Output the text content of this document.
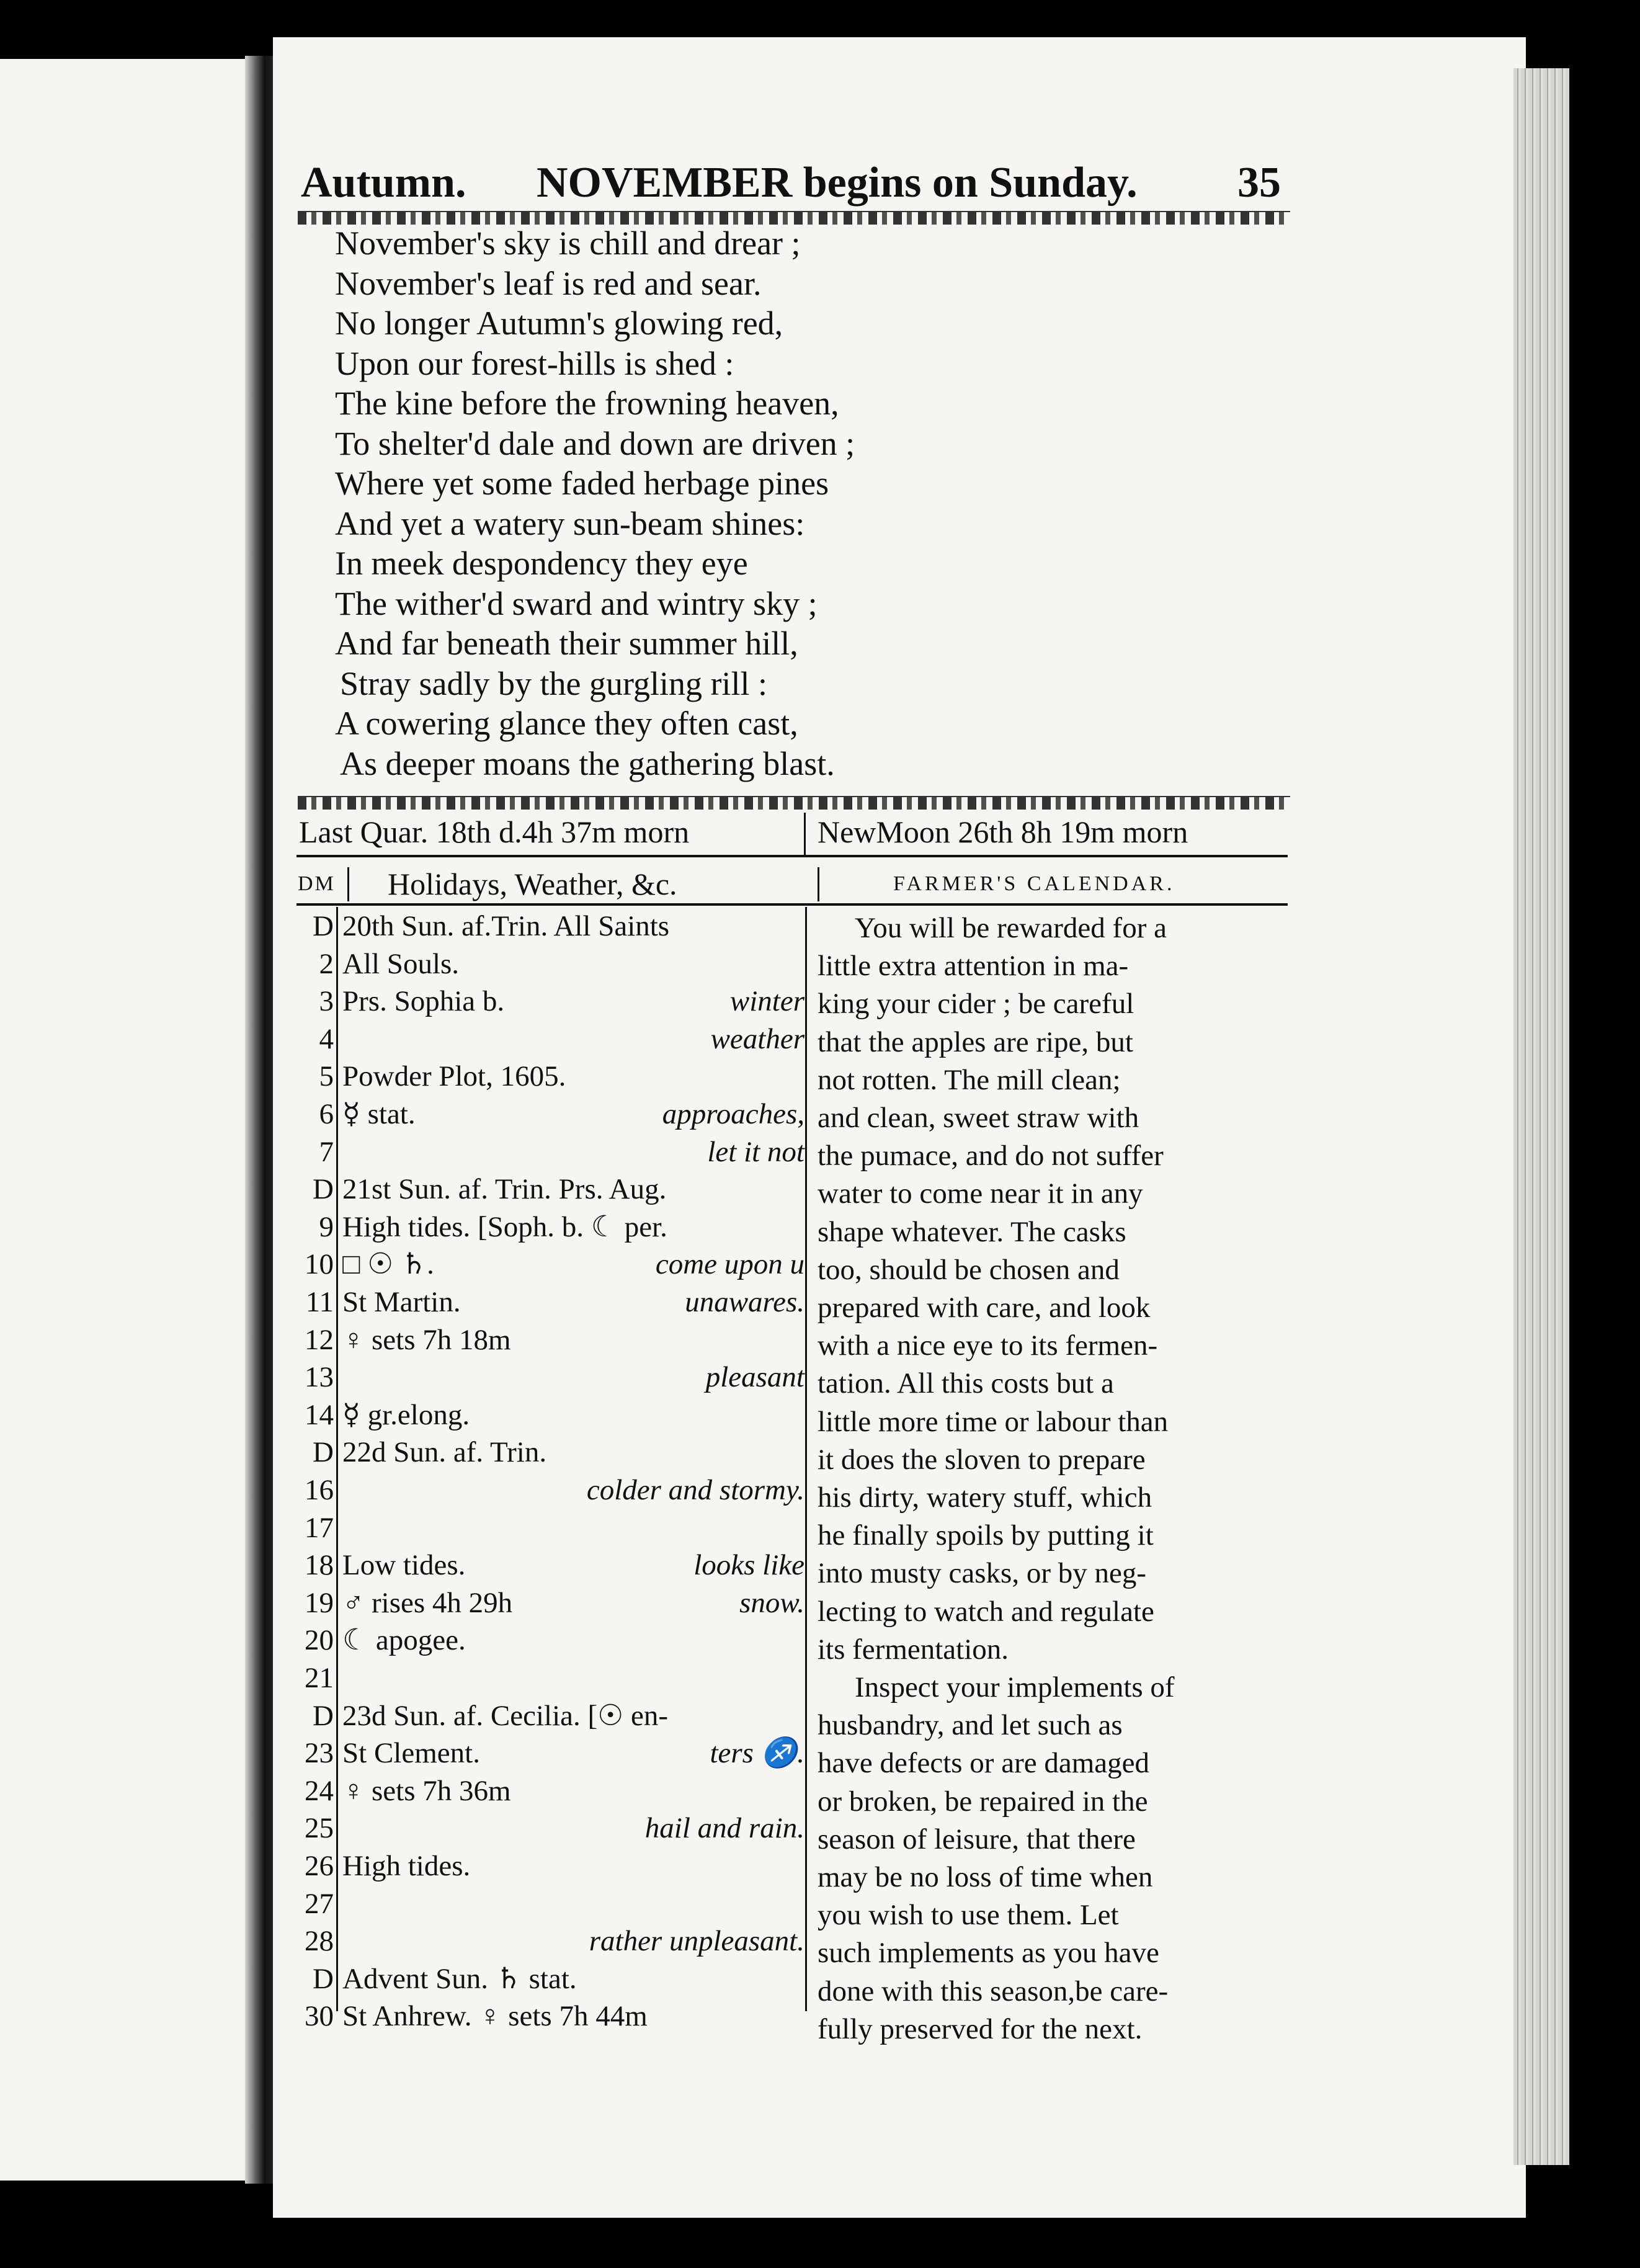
Autumn. NOVEMBER begins on Sunday. 35
November's sky is chill and drear ;
November's leaf is red and sear.
No longer Autumn's glowing red,
Upon our forest-hills is shed :
The kine before the frowning heaven,
To shelter'd dale and down are driven ;
Where yet some faded herbage pines
And yet a watery sun-beam shines:
In meek despondency they eye
The wither'd sward and wintry sky ;
And far beneath their summer hill,
Stray sadly by the gurgling rill :
A cowering glance they often cast,
As deeper moans the gathering blast.
Last Quar. 18th d.4h 37m morn	NewMoon 26th 8h 19m morn
DM Holidays, Weather, &c.	FARMER'S CALENDAR.
D 20th Sun. af.Trin. All Saints
2 All Souls.
3 Prs. Sophia b.	winter
4	weather
5 Powder Plot, 1605.
6 ☿ stat.	approaches,
7	let it not
D 21st Sun. af. Trin. Prs. Aug.
9 High tides. [Soph. b. ☾ per.
10 □ ☉ ♄.	come upon u
11 St Martin.	unawares.
12 ♀ sets 7h 18m
13	pleasant
14 ☿ gr.elong.
D 22d Sun. af. Trin.
16	colder and stormy.
17
18 Low tides.	looks like
19 ♂ rises 4h 29h	snow.
20 ☾ apogee.
21
D 23d Sun. af. Cecilia. [☉ en-
23 St Clement.	ters ♐.
24 ♀ sets 7h 36m
25	hail and rain.
26 High tides.
27
28	rather unpleasant.
D Advent Sun. ♄ stat.
30 St Anhrew. ♀ sets 7h 44m
You will be rewarded for a
little extra attention in ma-
king your cider ; be careful
that the apples are ripe, but
not rotten. The mill clean;
and clean, sweet straw with
the pumace, and do not suffer
water to come near it in any
shape whatever. The casks
too, should be chosen and
prepared with care, and look
with a nice eye to its fermen-
tation. All this costs but a
little more time or labour than
it does the sloven to prepare
his dirty, watery stuff, which
he finally spoils by putting it
into musty casks, or by neg-
lecting to watch and regulate
its fermentation.
Inspect your implements of
husbandry, and let such as
have defects or are damaged
or broken, be repaired in the
season of leisure, that there
may be no loss of time when
you wish to use them. Let
such implements as you have
done with this season,be care-
fully preserved for the next.
